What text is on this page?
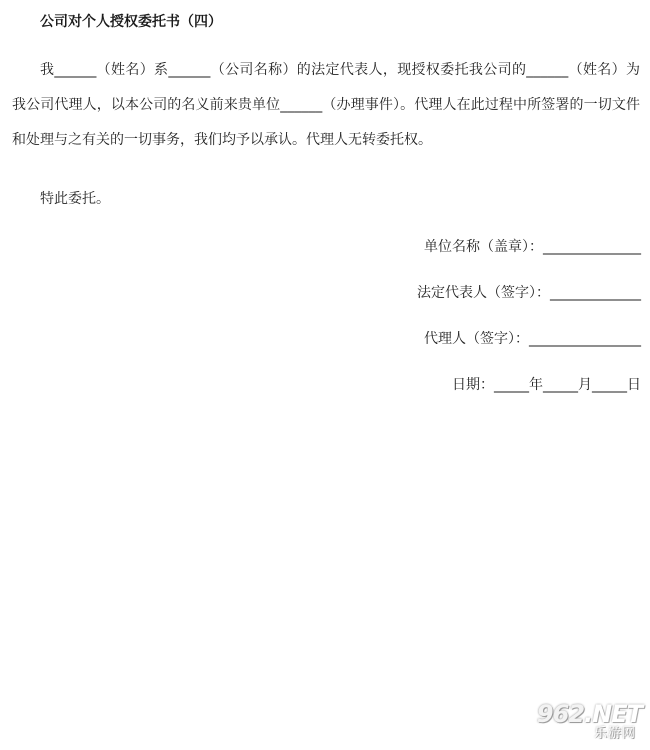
公司对个人授权委托书（四）

我______（姓名）系______（公司名称）的法定代表人，现授权委托我公司的______（姓名）为我公司代理人，以本公司的名义前来贵单位______（办理事件）。代理人在此过程中所签署的一切文件和处理与之有关的一切事务，我们均予以承认。代理人无转委托权。

特此委托。
单位名称（盖章）：______________
法定代表人（签字）：_____________
代理人（签字）：________________
日期：_____年_____月_____日
962.NET
乐游网
